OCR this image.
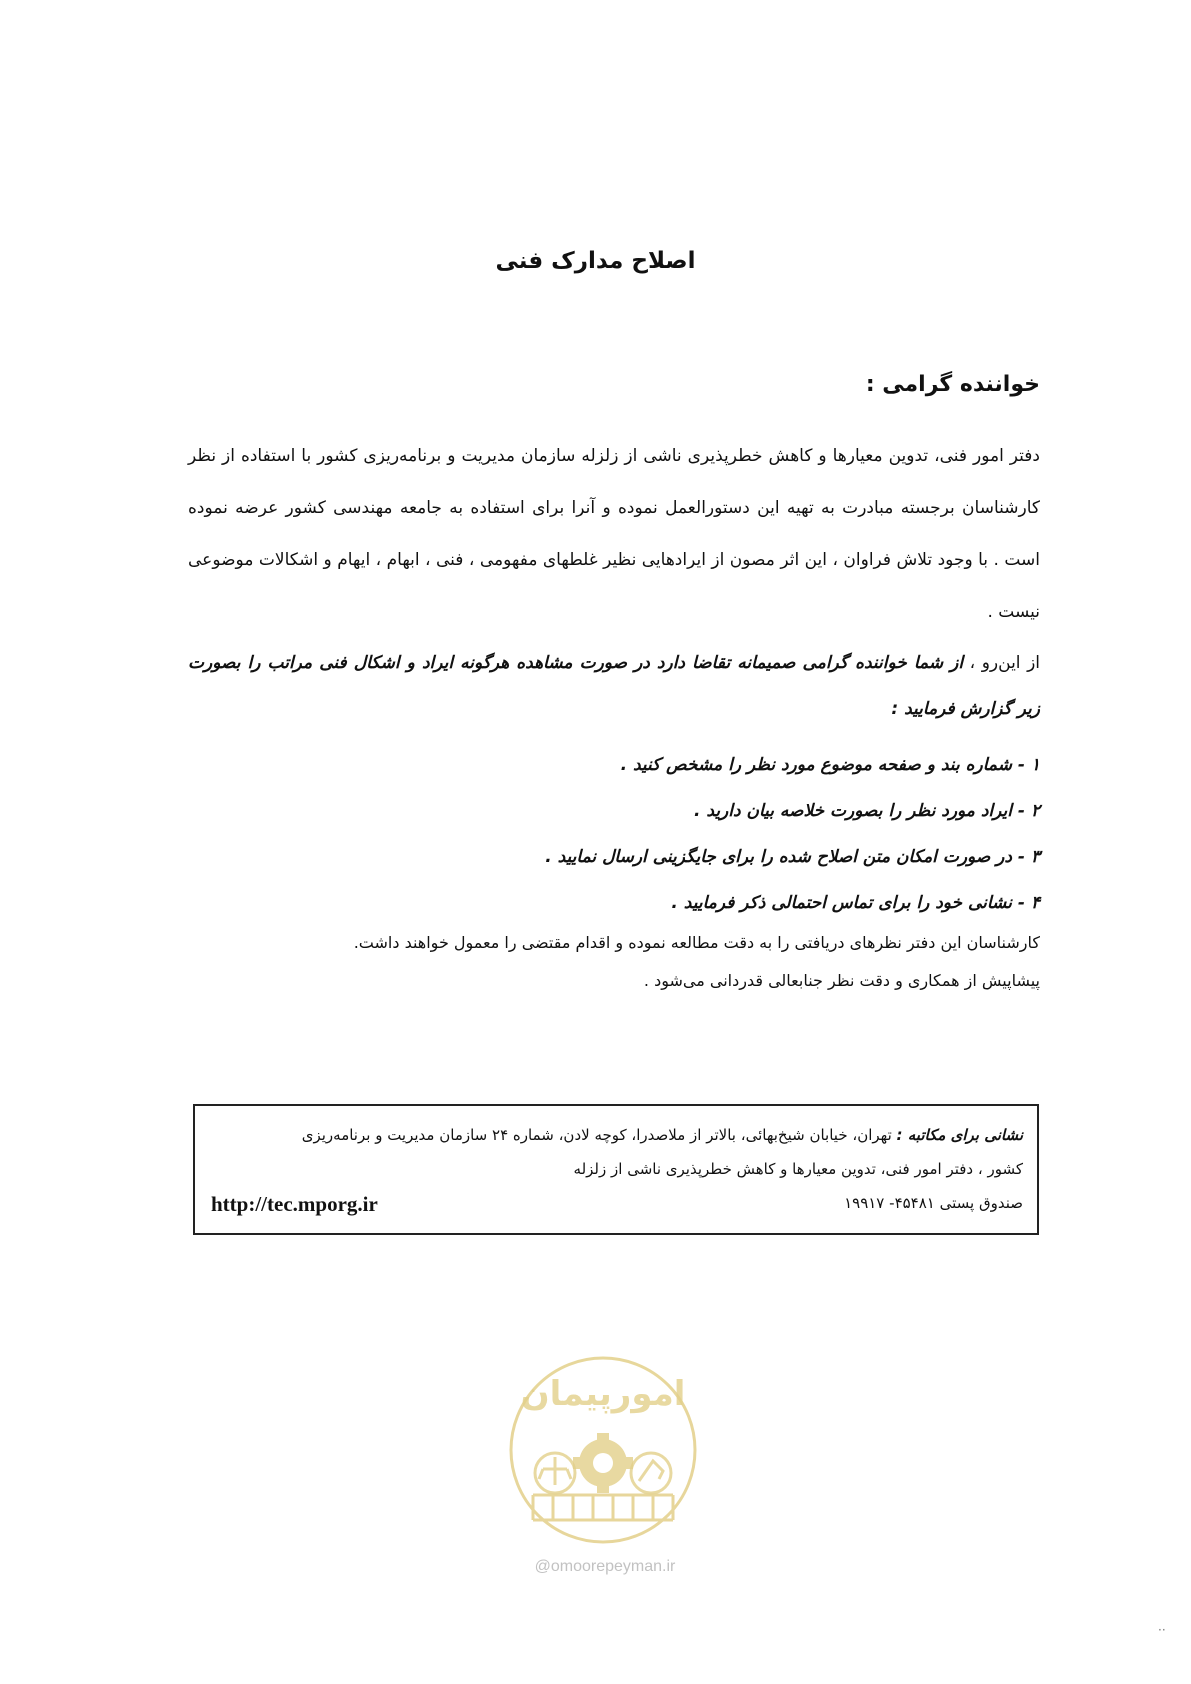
اصلاح مدارک فنی
خواننده گرامی :
دفتر امور فنی، تدوین معیارها و کاهش خطرپذیری ناشی از زلزله سازمان مدیریت و برنامه‌ریزی کشور با استفاده از نظر کارشناسان برجسته مبادرت به تهیه این دستورالعمل نموده و آنرا برای استفاده به جامعه مهندسی کشور عرضه نموده است . با وجود تلاش فراوان ، این اثر مصون از ایرادهایی نظیر غلطهای مفهومی ، فنی ، ابهام ، ایهام و اشکالات موضوعی نیست .
از این‌رو ، از شما خواننده گرامی صمیمانه تقاضا دارد در صورت مشاهده هرگونه ایراد و اشکال فنی مراتب را بصورت زیر گزارش فرمایید :
۱ - شماره بند و صفحه موضوع مورد نظر را مشخص کنید .
۲ - ایراد مورد نظر را بصورت خلاصه بیان دارید .
۳ - در صورت امکان متن اصلاح شده را برای جایگزینی ارسال نمایید .
۴ - نشانی خود را برای تماس احتمالی ذکر فرمایید .

کارشناسان این دفتر نظرهای دریافتی را به دقت مطالعه نموده و اقدام مقتضی را معمول خواهند داشت.

پیشاپیش از همکاری و دقت نظر جنابعالی قدردانی می‌شود .

نشانی برای مکاتبه : تهران، خیابان شیخ‌بهائی، بالاتر از ملاصدرا، کوچه لادن، شماره ۲۴ سازمان مدیریت و برنامه‌ریزی
کشور ، دفتر امور فنی، تدوین معیارها و کاهش خطرپذیری ناشی از زلزله
صندوق پستی ۴۵۴۸۱- ۱۹۹۱۷
http://tec.mporg.ir
امورپیمان
@omoorepeyman.ir
··
